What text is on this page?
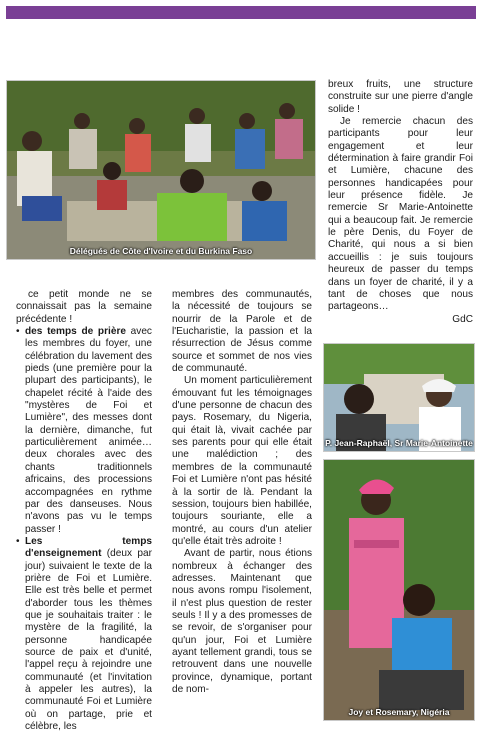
Délégués de Côte d'Ivoire et du Burkina Faso
P. Jean-Raphaël, Sr Marie-Antoinette
Joy et Rosemary, Nigéria

breux fruits, une structure construite sur une pierre d'angle solide !

Je remercie chacun des participants pour leur engagement et leur détermination à faire grandir Foi et Lumière, chacune des personnes handicapées pour leur présence fidèle. Je remercie Sr Marie-Antoinette qui a beaucoup fait. Je remercie le père Denis, du Foyer de Charité, qui nous a si bien accueillis : je suis toujours heureux de passer du temps dans un foyer de charité, il y a tant de choses que nous partageons…

GdC

ce petit monde ne se connaissait pas la semaine précédente !

• des temps de prière avec les membres du foyer, une célébration du lavement des pieds (une première pour la plupart des participants), le chapelet récité à l'aide des "mystères de Foi et Lumière", des messes dont la dernière, dimanche, fut particulièrement animée… deux chorales avec des chants traditionnels africains, des processions accompagnées en rythme par des danseuses. Nous n'avons pas vu le temps passer !

• Les temps d'enseignement (deux par jour) suivaient le texte de la prière de Foi et Lumière. Elle est très belle et permet d'aborder tous les thèmes que je souhaitais traiter : le mystère de la fragilité, la personne handicapée source de paix et d'unité, l'appel reçu à rejoindre une communauté (et l'invitation à appeler les autres), la communauté Foi et Lumière où on partage, prie et célèbre, les

membres des communautés, la nécessité de toujours se nourrir de la Parole et de l'Eucharistie, la passion et la résurrection de Jésus comme source et sommet de nos vies de communauté.

Un moment particulièrement émouvant fut les témoignages d'une personne de chacun des pays. Rosemary, du Nigeria, qui était là, vivait cachée par ses parents pour qui elle était une malédiction ; des membres de la communauté Foi et Lumière n'ont pas hésité à la sortir de là. Pendant la session, toujours bien habillée, toujours souriante, elle a montré, au cours d'un atelier qu'elle était très adroite !

Avant de partir, nous étions nombreux à échanger des adresses. Maintenant que nous avons rompu l'isolement, il n'est plus question de rester seuls ! Il y a des promesses de se revoir, de s'organiser pour qu'un jour, Foi et Lumière ayant tellement grandi, tous se retrouvent dans une nouvelle province, dynamique, portant de nom-
